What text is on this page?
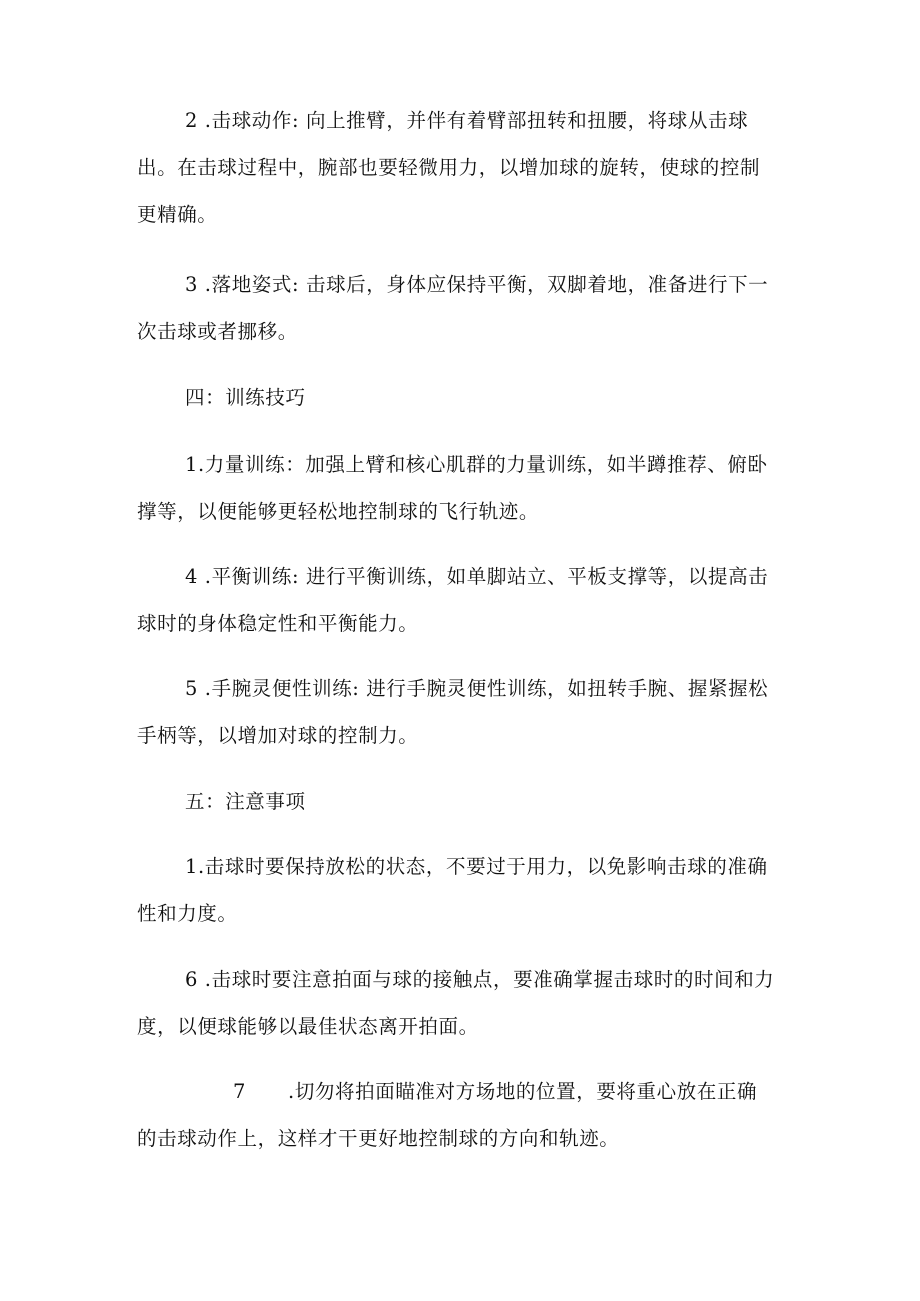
2 .击球动作: 向上推臂，并伴有着臂部扭转和扭腰，将球从击球出。在击球过程中，腕部也要轻微用力，以增加球的旋转，使球的控制更精确。

3 .落地姿式: 击球后，身体应保持平衡，双脚着地，准备进行下一次击球或者挪移。

四：训练技巧

1.力量训练：加强上臂和核心肌群的力量训练，如半蹲推荐、俯卧撑等，以便能够更轻松地控制球的飞行轨迹。

4 .平衡训练: 进行平衡训练，如单脚站立、平板支撑等，以提高击球时的身体稳定性和平衡能力。

5 .手腕灵便性训练: 进行手腕灵便性训练，如扭转手腕、握紧握松手柄等，以增加对球的控制力。

五：注意事项

1.击球时要保持放松的状态，不要过于用力，以免影响击球的准确性和力度。

6 .击球时要注意拍面与球的接触点，要准确掌握击球时的时间和力度，以便球能够以最佳状态离开拍面。

7 .切勿将拍面瞄准对方场地的位置，要将重心放在正确的击球动作上，这样才干更好地控制球的方向和轨迹。
